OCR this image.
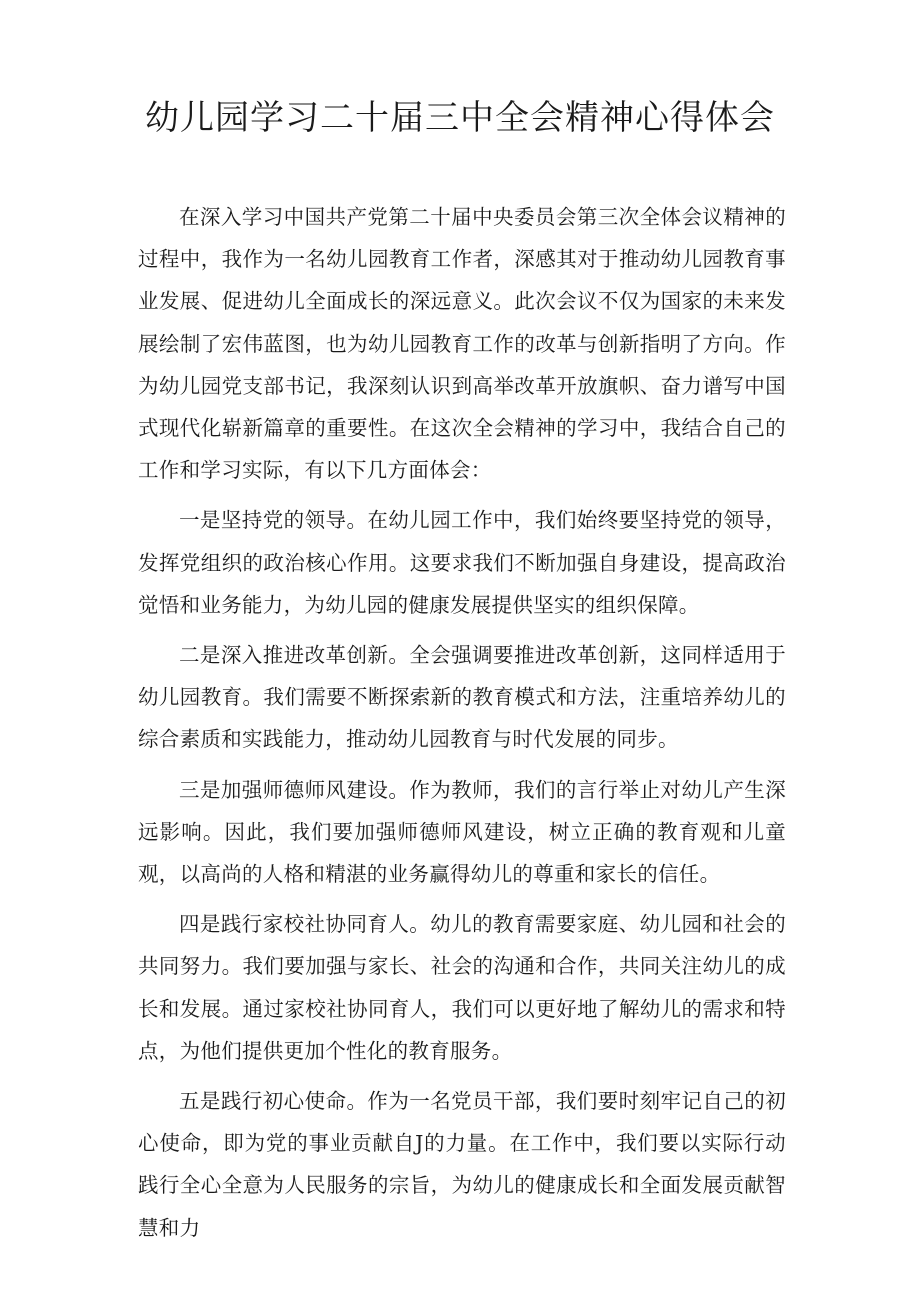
幼儿园学习二十届三中全会精神心得体会

在深入学习中国共产党第二十届中央委员会第三次全体会议精神的过程中，我作为一名幼儿园教育工作者，深感其对于推动幼儿园教育事业发展、促进幼儿全面成长的深远意义。此次会议不仅为国家的未来发展绘制了宏伟蓝图，也为幼儿园教育工作的改革与创新指明了方向。作为幼儿园党支部书记，我深刻认识到高举改革开放旗帜、奋力谱写中国式现代化崭新篇章的重要性。在这次全会精神的学习中，我结合自己的工作和学习实际，有以下几方面体会：

一是坚持党的领导。在幼儿园工作中，我们始终要坚持党的领导，发挥党组织的政治核心作用。这要求我们不断加强自身建设，提高政治觉悟和业务能力，为幼儿园的健康发展提供坚实的组织保障。

二是深入推进改革创新。全会强调要推进改革创新，这同样适用于幼儿园教育。我们需要不断探索新的教育模式和方法，注重培养幼儿的综合素质和实践能力，推动幼儿园教育与时代发展的同步。

三是加强师德师风建设。作为教师，我们的言行举止对幼儿产生深远影响。因此，我们要加强师德师风建设，树立正确的教育观和儿童观，以高尚的人格和精湛的业务赢得幼儿的尊重和家长的信任。

四是践行家校社协同育人。幼儿的教育需要家庭、幼儿园和社会的共同努力。我们要加强与家长、社会的沟通和合作，共同关注幼儿的成长和发展。通过家校社协同育人，我们可以更好地了解幼儿的需求和特点，为他们提供更加个性化的教育服务。

五是践行初心使命。作为一名党员干部，我们要时刻牢记自己的初心使命，即为党的事业贡献自J的力量。在工作中，我们要以实际行动践行全心全意为人民服务的宗旨，为幼儿的健康成长和全面发展贡献智慧和力
